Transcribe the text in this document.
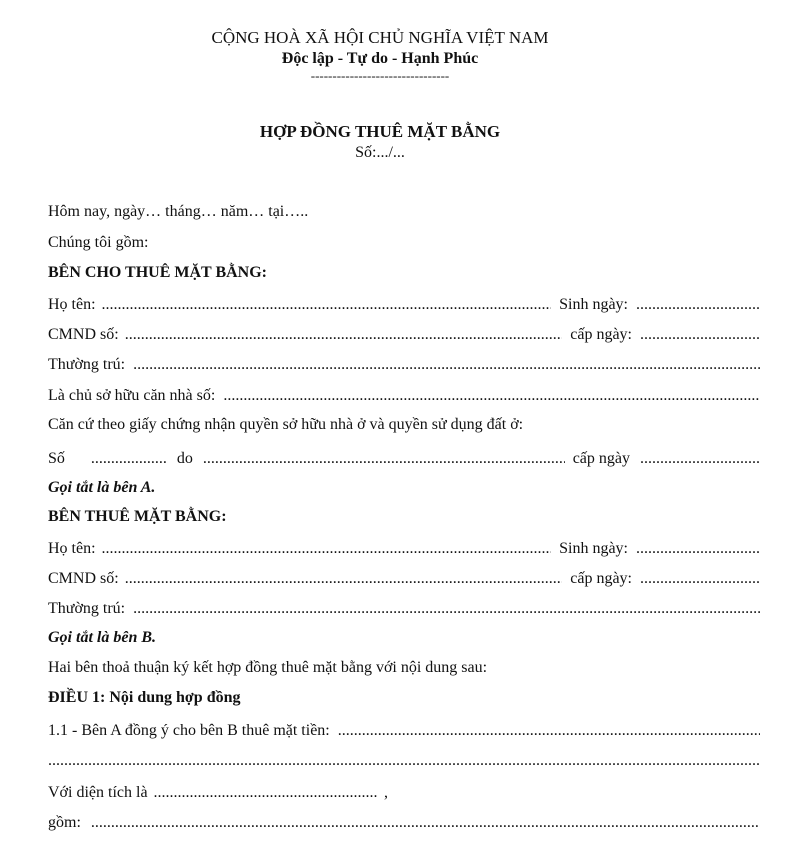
CỘNG HOÀ XÃ HỘI CHỦ NGHĨA VIỆT NAM
Độc lập - Tự do - Hạnh Phúc
--------------------------------
HỢP ĐỒNG THUÊ MẶT BẰNG
Số:.../...
Hôm nay, ngày… tháng… năm… tại…..
Chúng tôi gồm:
BÊN CHO THUÊ MẶT BẰNG:
Họ tên: .....	Sinh ngày:
.....
CMND số: .....	cấp ngày:
.....
Thường trú:
.....
Là chủ sở hữu căn nhà số:
.....
Căn cứ theo giấy chứng nhận quyền sở hữu nhà ở và quyền sử dụng đất ở:
Số .....	do .....	cấp ngày
.....
Gọi tắt là bên A.
BÊN THUÊ MẶT BẰNG:
Họ tên: .....	Sinh ngày:
.....
CMND số: .....	cấp ngày:
.....
Thường trú:
.....
Gọi tắt là bên B.
Hai bên thoả thuận ký kết hợp đồng thuê mặt bằng với nội dung sau:
ĐIỀU 1: Nội dung hợp đồng
1.1 - Bên A đồng ý cho bên B thuê mặt tiền:
.....
.....
Với diện tích là .....	,
gồm:
.....
